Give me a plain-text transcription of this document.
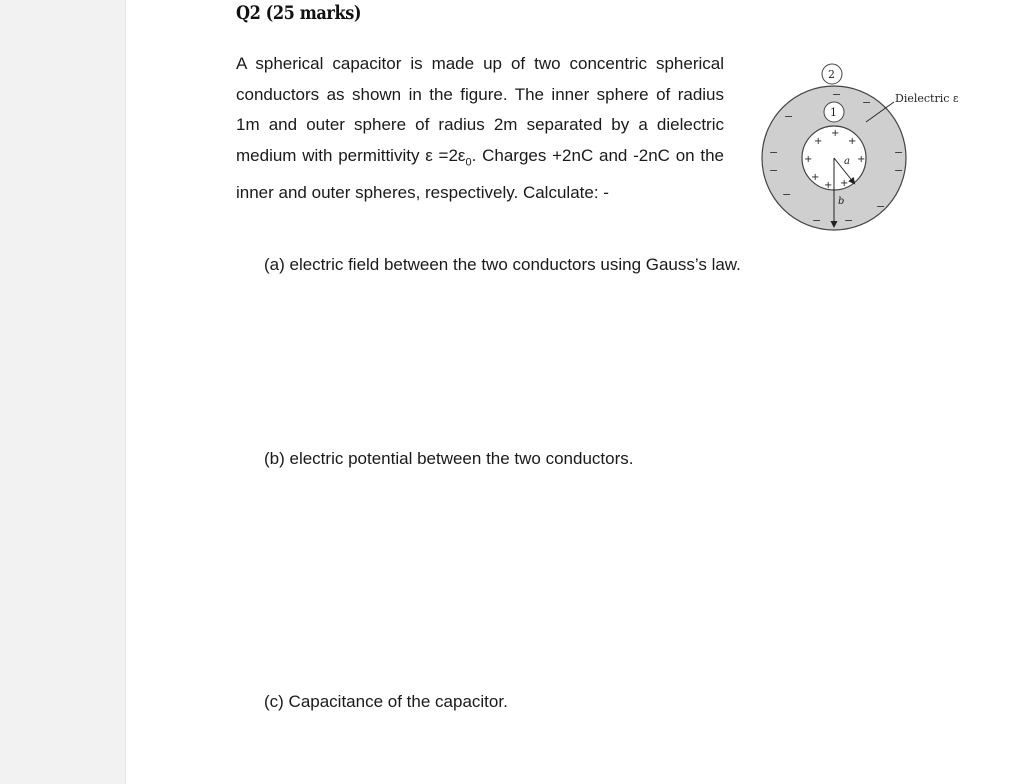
Q2 (25 marks)

A spherical capacitor is made up of two concentric spherical conductors as shown in the figure. The inner sphere of radius 1m and outer sphere of radius 2m separated by a dielectric medium with permittivity $\varepsilon =2\varepsilon_0$. Charges +2nC and -2nC on the inner and outer spheres, respectively. Calculate: -

−
−
−
−	−
−	−
−
−
− −
+
+	+
+	+
+
+ +
a
b
2
1
Dielectric ε

(a) electric field between the two conductors using Gauss’s law.

(b) electric potential between the two conductors.

(c) Capacitance of the capacitor.
